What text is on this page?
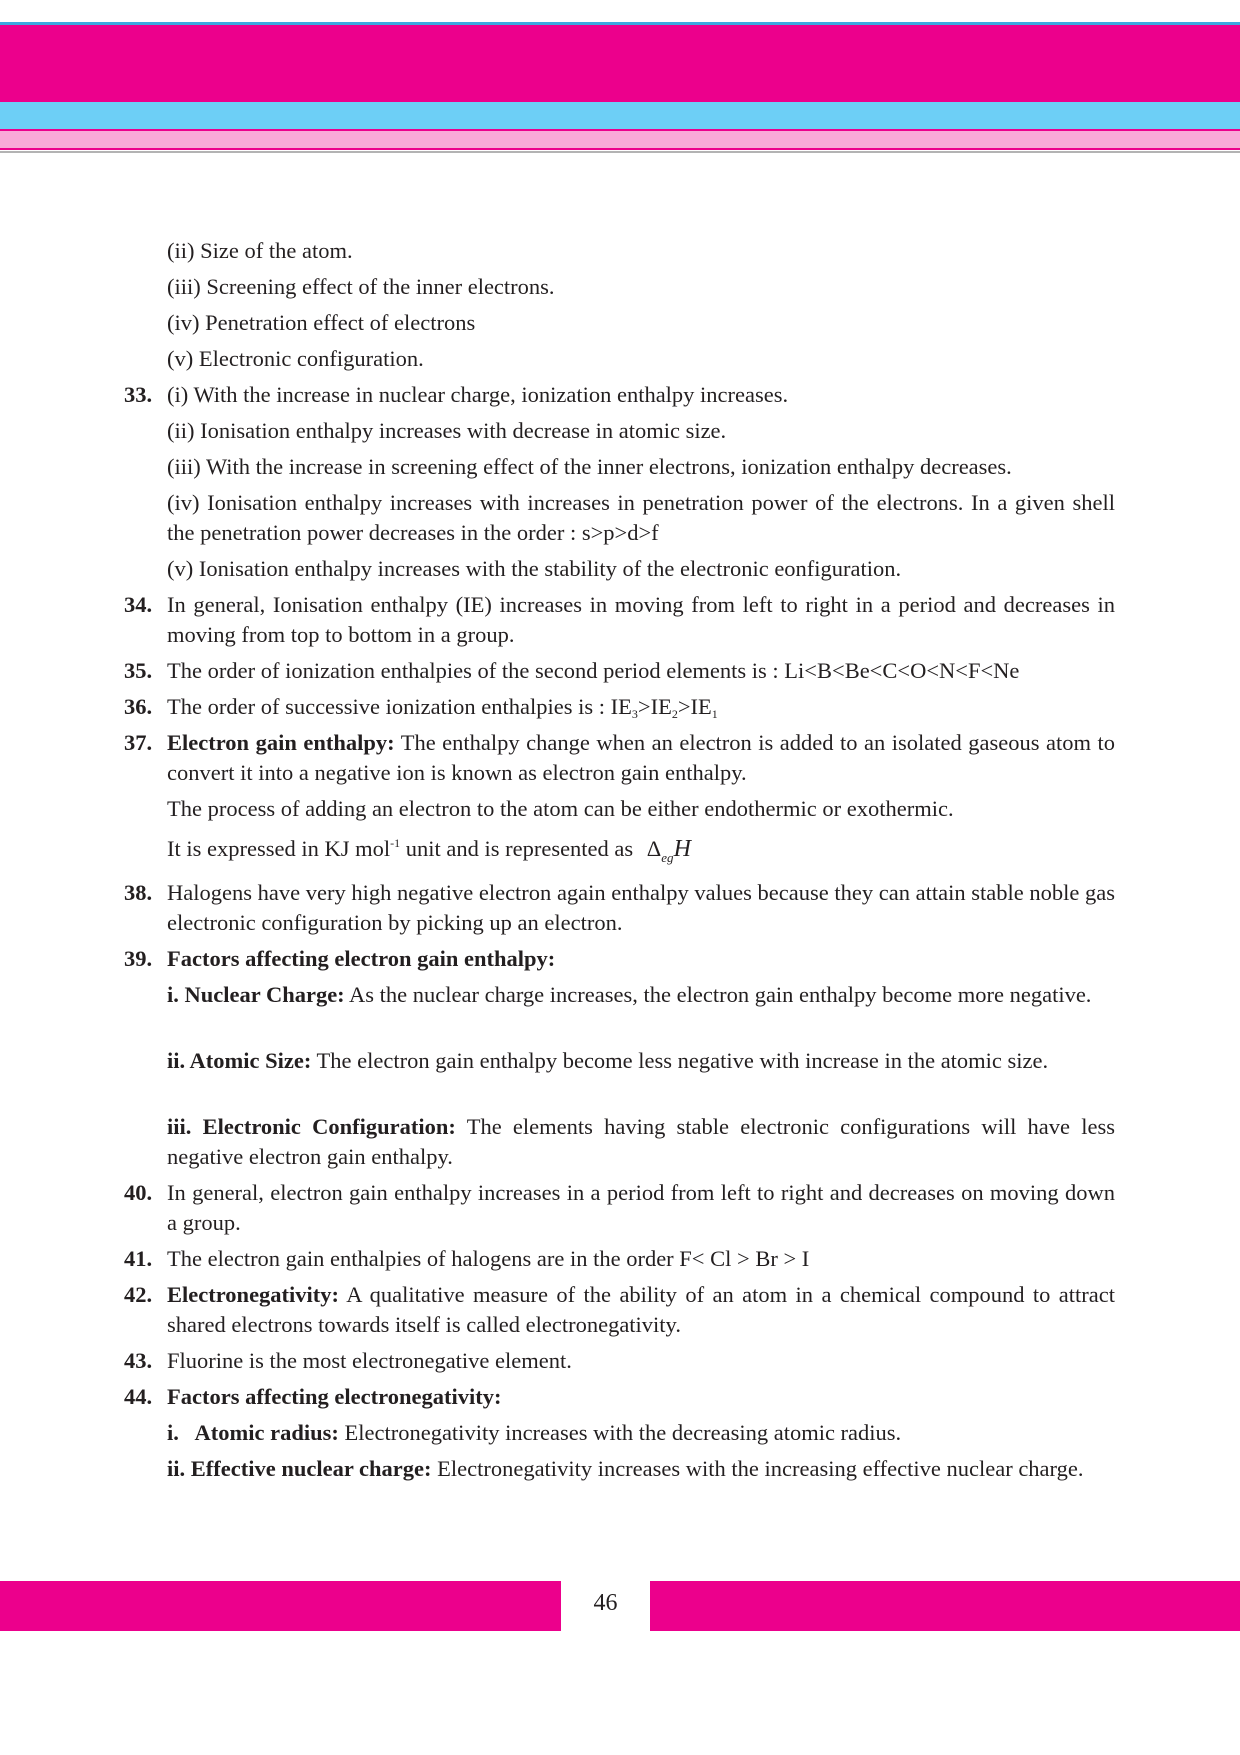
(ii) Size of the atom.
(iii) Screening effect of the inner electrons.
(iv) Penetration effect of electrons
(v) Electronic configuration.
33. (i) With the increase in nuclear charge, ionization enthalpy increases.
(ii) Ionisation enthalpy increases with decrease in atomic size.
(iii) With the increase in screening effect of the inner electrons, ionization enthalpy decreases.
(iv) Ionisation enthalpy increases with increases in penetration power of the electrons. In a given shell the penetration power decreases in the order : s>p>d>f
(v) Ionisation enthalpy increases with the stability of the electronic eonfiguration.
34. In general, Ionisation enthalpy (IE) increases in moving from left to right in a period and decreases in moving from top to bottom in a group.
35. The order of ionization enthalpies of the second period elements is : Li<B<Be<C<O<N<F<Ne
36. The order of successive ionization enthalpies is : $IE_3>IE_2>IE_1$
37. Electron gain enthalpy: The enthalpy change when an electron is added to an isolated gaseous atom to convert it into a negative ion is known as electron gain enthalpy.
The process of adding an electron to the atom can be either endothermic or exothermic.
It is expressed in KJ mol$^{-1}$ unit and is represented as $\Delta_{eg}H$
38. Halogens have very high negative electron again enthalpy values because they can attain stable noble gas electronic configuration by picking up an electron.
39. Factors affecting electron gain enthalpy:
i. Nuclear Charge: As the nuclear charge increases, the electron gain enthalpy become more negative.
ii. Atomic Size: The electron gain enthalpy become less negative with increase in the atomic size.
iii. Electronic Configuration: The elements having stable electronic configurations will have less negative electron gain enthalpy.
40. In general, electron gain enthalpy increases in a period from left to right and decreases on moving down a group.
41. The electron gain enthalpies of halogens are in the order F< Cl > Br > I
42. Electronegativity: A qualitative measure of the ability of an atom in a chemical compound to attract shared electrons towards itself is called electronegativity.
43. Fluorine is the most electronegative element.
44. Factors affecting electronegativity:
i.   Atomic radius: Electronegativity increases with the decreasing atomic radius.
ii. Effective nuclear charge: Electronegativity increases with the increasing effective nuclear charge.
46
